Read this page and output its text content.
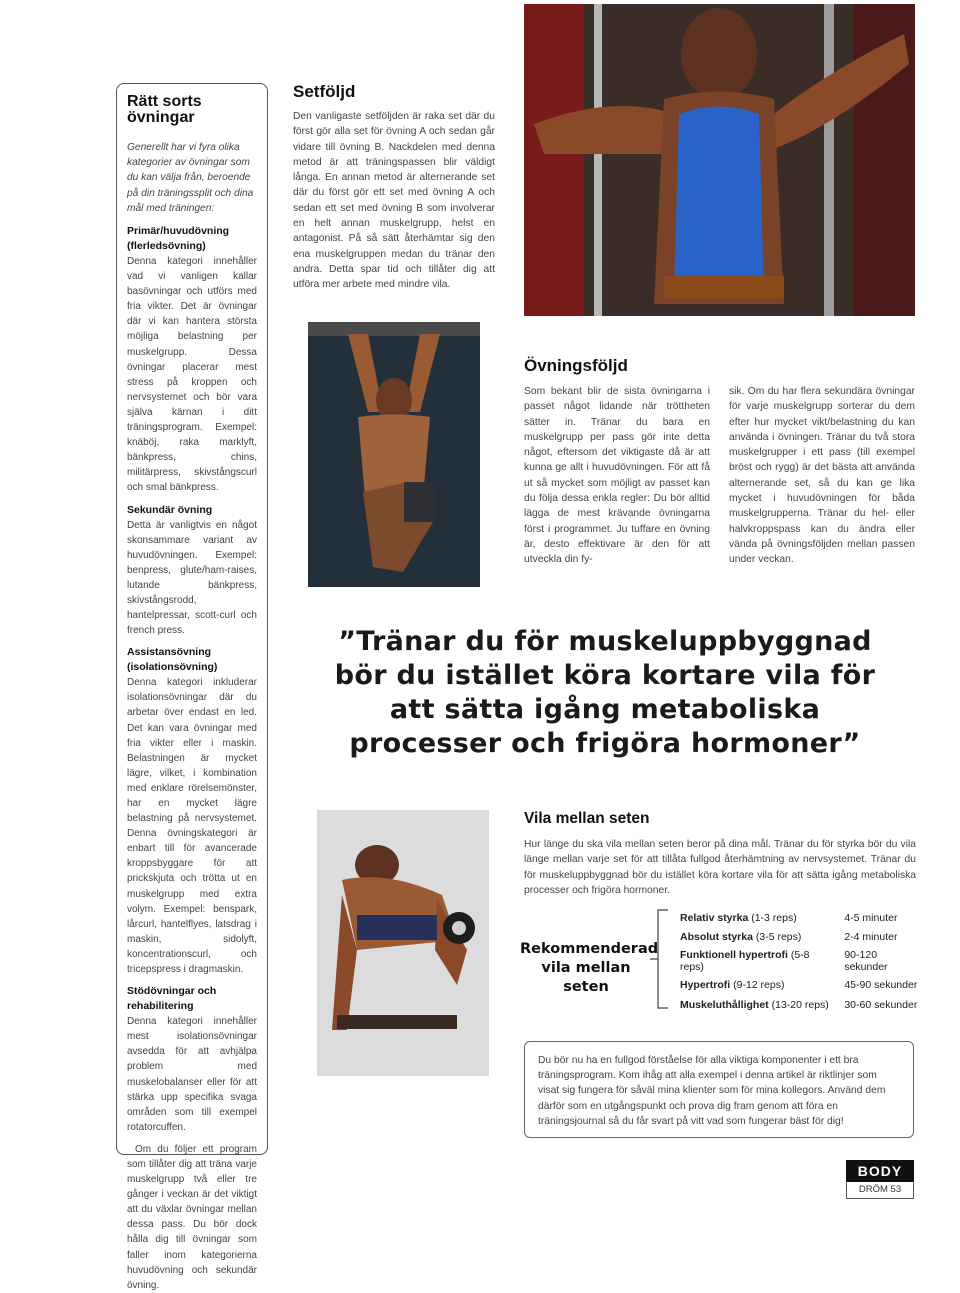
Rätt sorts övningar

Generellt har vi fyra olika kategorier av övningar som du kan välja från, beroende på din träningssplit och dina mål med träningen:

Primär/huvudövning (flerledsövning)

Denna kategori innehåller vad vi vanligen kallar basövningar och utförs med fria vikter. Det är övningar där vi kan hantera största möjliga belastning per muskelgrupp. Dessa övningar placerar mest stress på kroppen och nervsystemet och bör vara själva kärnan i ditt träningsprogram. Exempel: knäböj, raka marklyft, bänkpress, chins, militärpress, skivstångscurl och smal bänkpress.

Sekundär övning

Detta är vanligtvis en något skonsammare variant av huvudövningen. Exempel: benpress, glute/ham-raises, lutande bänkpress, skivstångsrodd, hantelpressar, scott-curl och french press.

Assistansövning (isolationsövning)

Denna kategori inkluderar isolationsövningar där du arbetar över endast en led. Det kan vara övningar med fria vikter eller i maskin. Belastningen är mycket lägre, vilket, i kombination med enklare rörelsemönster, har en mycket lägre belastning på nervsystemet. Denna övningskategori är enbart till för avancerade kroppsbyggare för att prickskjuta och trötta ut en muskelgrupp med extra volym. Exempel: benspark, lårcurl, hantelflyes, latsdrag i maskin, sidolyft, koncentrationscurl, och tricepspress i dragmaskin.

Stödövningar och rehabilitering

Denna kategori innehåller mest isolationsövningar avsedda för att avhjälpa problem med muskelobalanser eller för att stärka upp specifika svaga områden som till exempel rotatorcuffen.

Om du följer ett program som tillåter dig att träna varje muskelgrupp två eller tre gånger i veckan är det viktigt att du växlar övningar mellan dessa pass. Du bör dock hålla dig till övningar som faller inom kategorierna huvudövning och sekundär övning.

Setföljd

Den vanligaste setföljden är raka set där du först gör alla set för övning A och sedan går vidare till övning B. Nackdelen med denna metod är att träningspassen blir väldigt långa. En annan metod är alternerande set där du först gör ett set med övning A och sedan ett set med övning B som involverar en helt annan muskelgrupp, helst en antagonist. På så sätt återhämtar sig den ena muskelgruppen medan du tränar den andra. Detta spar tid och tillåter dig att utföra mer arbete med mindre vila.

Övningsföljd

Som bekant blir de sista övningarna i passet något lidande när tröttheten sätter in. Tränar du bara en muskelgrupp per pass gör inte detta något, eftersom det viktigaste då är att kunna ge allt i huvudövningen. För att få ut så mycket som möjligt av passet kan du följa dessa enkla regler: Du bör alltid lägga de mest krävande övningarna först i programmet. Ju tuffare en övning är, desto effektivare är den för att utveckla din fy-

sik. Om du har flera sekundära övningar för varje muskelgrupp sorterar du dem efter hur mycket vikt/belastning du kan använda i övningen. Tränar du två stora muskelgrupper i ett pass (till exempel bröst och rygg) är det bästa att använda alternerande set, så du kan ge lika mycket i huvudövningen för båda muskelgrupperna. Tränar du hel- eller halvkroppspass kan du ändra eller vända på övningsföljden mellan passen under veckan.

”Tränar du för muskeluppbyggnad bör du istället köra kortare vila för att sätta igång metaboliska processer och frigöra hormoner”

Vila mellan seten

Hur länge du ska vila mellan seten beror på dina mål. Tränar du för styrka bör du vila länge mellan varje set för att tillåta fullgod återhämtning av nervsystemet. Tränar du för muskeluppbyggnad bör du istället köra kortare vila för att sätta igång metaboliska processer och frigöra hormoner.

Rekommenderad vila mellan seten
Relativ styrka (1-3 reps)	4-5 minuter
Absolut styrka (3-5 reps)	2-4 minuter
Funktionell hypertrofi (5-8 reps)	90-120 sekunder
Hypertrofi (9-12 reps)	45-90 sekunder
Muskeluthållighet (13-20 reps)	30-60 sekunder
Du bör nu ha en fullgod förståelse för alla viktiga komponenter i ett bra träningsprogram. Kom ihåg att alla exempel i denna artikel är riktlinjer som visat sig fungera för såväl mina klienter som för mina kollegors. Använd dem därför som en utgångspunkt och prova dig fram genom att föra en träningsjournal så du får svart på vitt vad som fungerar bäst för dig!
BODY
DRÖM 53
